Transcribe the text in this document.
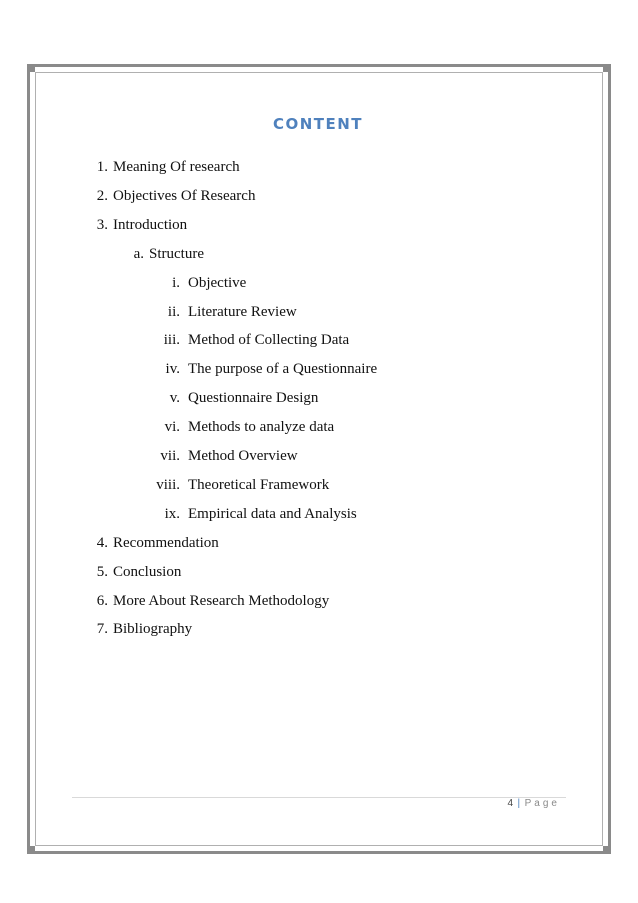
CONTENT
1. Meaning Of research
2. Objectives Of Research
3. Introduction
a. Structure
i. Objective
ii. Literature Review
iii. Method of Collecting Data
iv. The purpose of a Questionnaire
v. Questionnaire Design
vi. Methods to analyze data
vii. Method Overview
viii. Theoretical Framework
ix. Empirical data and Analysis
4. Recommendation
5. Conclusion
6. More About Research Methodology
7. Bibliography
4 | Page
